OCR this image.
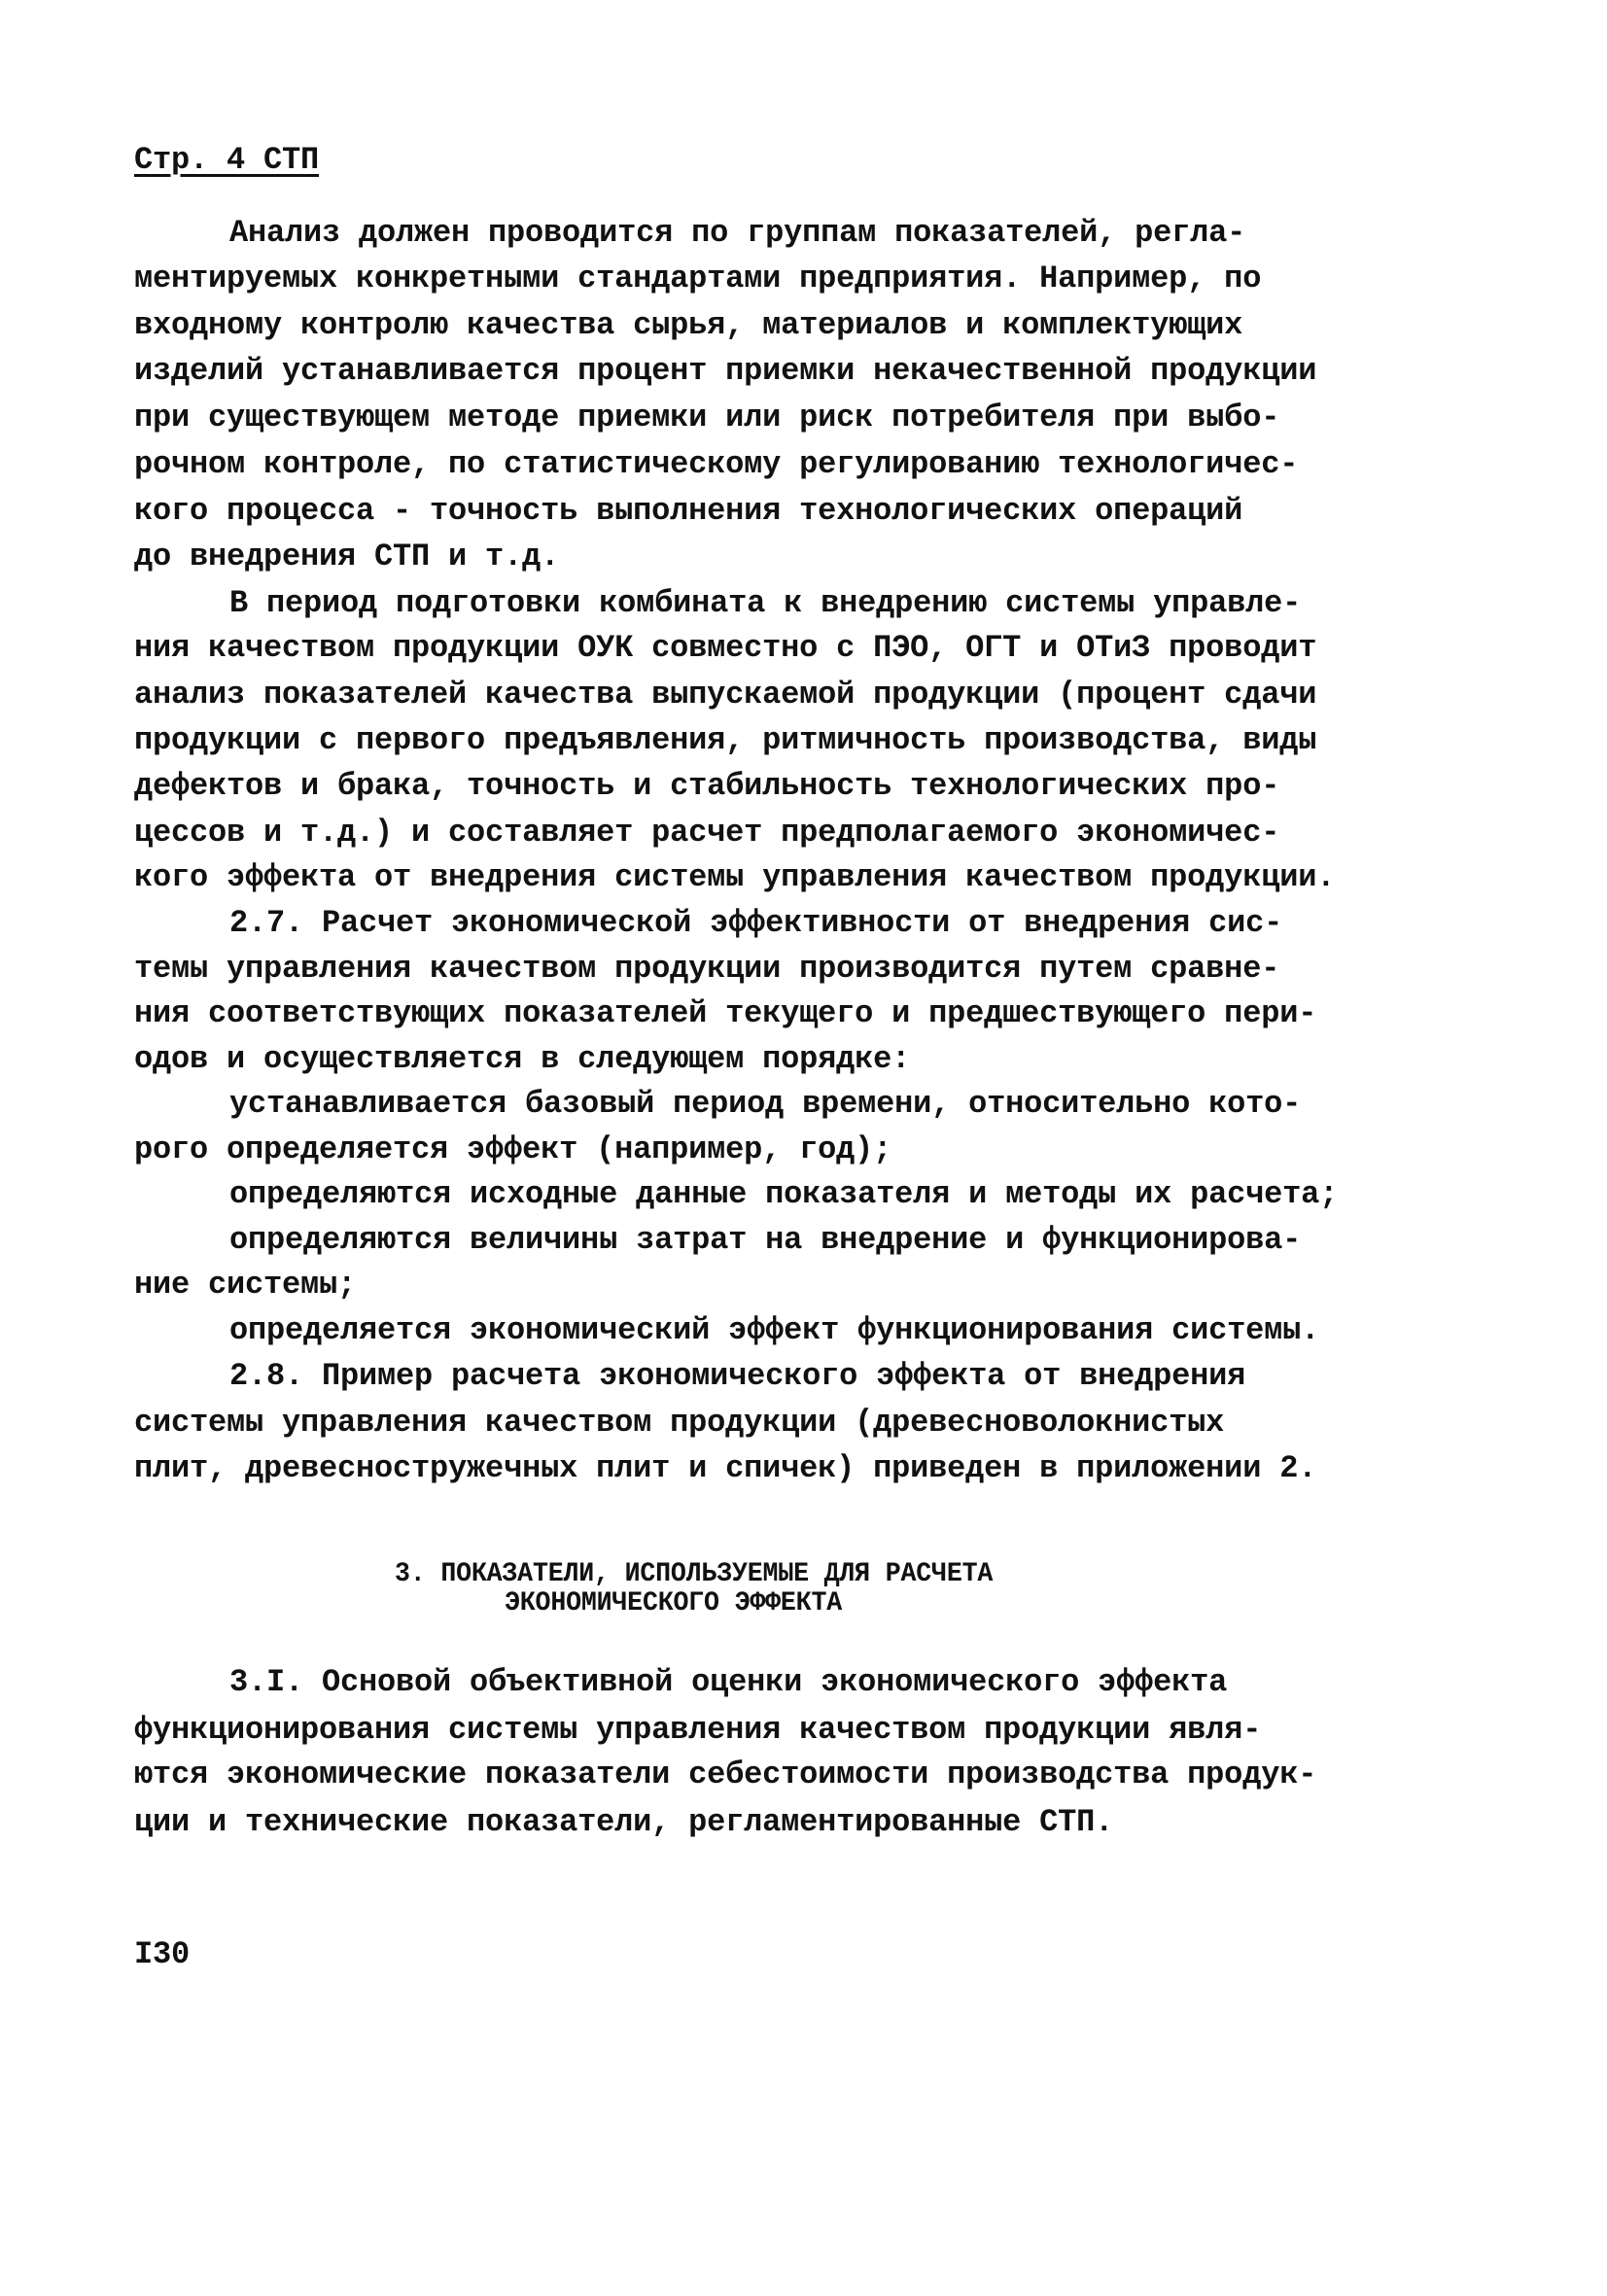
Стр. 4 СТП
Анализ должен проводится по группам показателей, регла-
ментируемых конкретными стандартами предприятия. Например, по
входному контролю качества сырья, материалов и комплектующих
изделий устанавливается процент приемки некачественной продукции
при существующем методе приемки или риск потребителя при выбо-
рочном контроле, по статистическому регулированию технологичес-
кого процесса - точность выполнения технологических операций
до внедрения СТП и т.д.
В период подготовки комбината к внедрению системы управле-
ния качеством продукции ОУК совместно с ПЭО, ОГТ и ОТиЗ проводит
анализ показателей качества выпускаемой продукции (процент сдачи
продукции с первого предъявления, ритмичность производства, виды
дефектов и брака, точность и стабильность технологических про-
цессов и т.д.) и составляет расчет предполагаемого экономичес-
кого эффекта от внедрения системы управления качеством продукции.
2.7. Расчет экономической эффективности от внедрения сис-
темы управления качеством продукции производится путем сравне-
ния соответствующих показателей текущего и предшествующего пери-
одов и осуществляется в следующем порядке:
устанавливается базовый период времени, относительно кото-
рого определяется эффект (например, год);
определяются исходные данные показателя и методы их расчета;
определяются величины затрат на внедрение и функционирова-
ние системы;
определяется экономический эффект функционирования системы.
2.8. Пример расчета экономического эффекта от внедрения
системы управления качеством продукции (древесноволокнистых
плит, древесностружечных плит и спичек) приведен в приложении 2.
3. ПОКАЗАТЕЛИ, ИСПОЛЬЗУЕМЫЕ ДЛЯ РАСЧЕТА
ЭКОНОМИЧЕСКОГО ЭФФЕКТА
3.I. Основой объективной оценки экономического эффекта
функционирования системы управления качеством продукции явля-
ются экономические показатели себестоимости производства продук-
ции и технические показатели, регламентированные СТП.
I30
